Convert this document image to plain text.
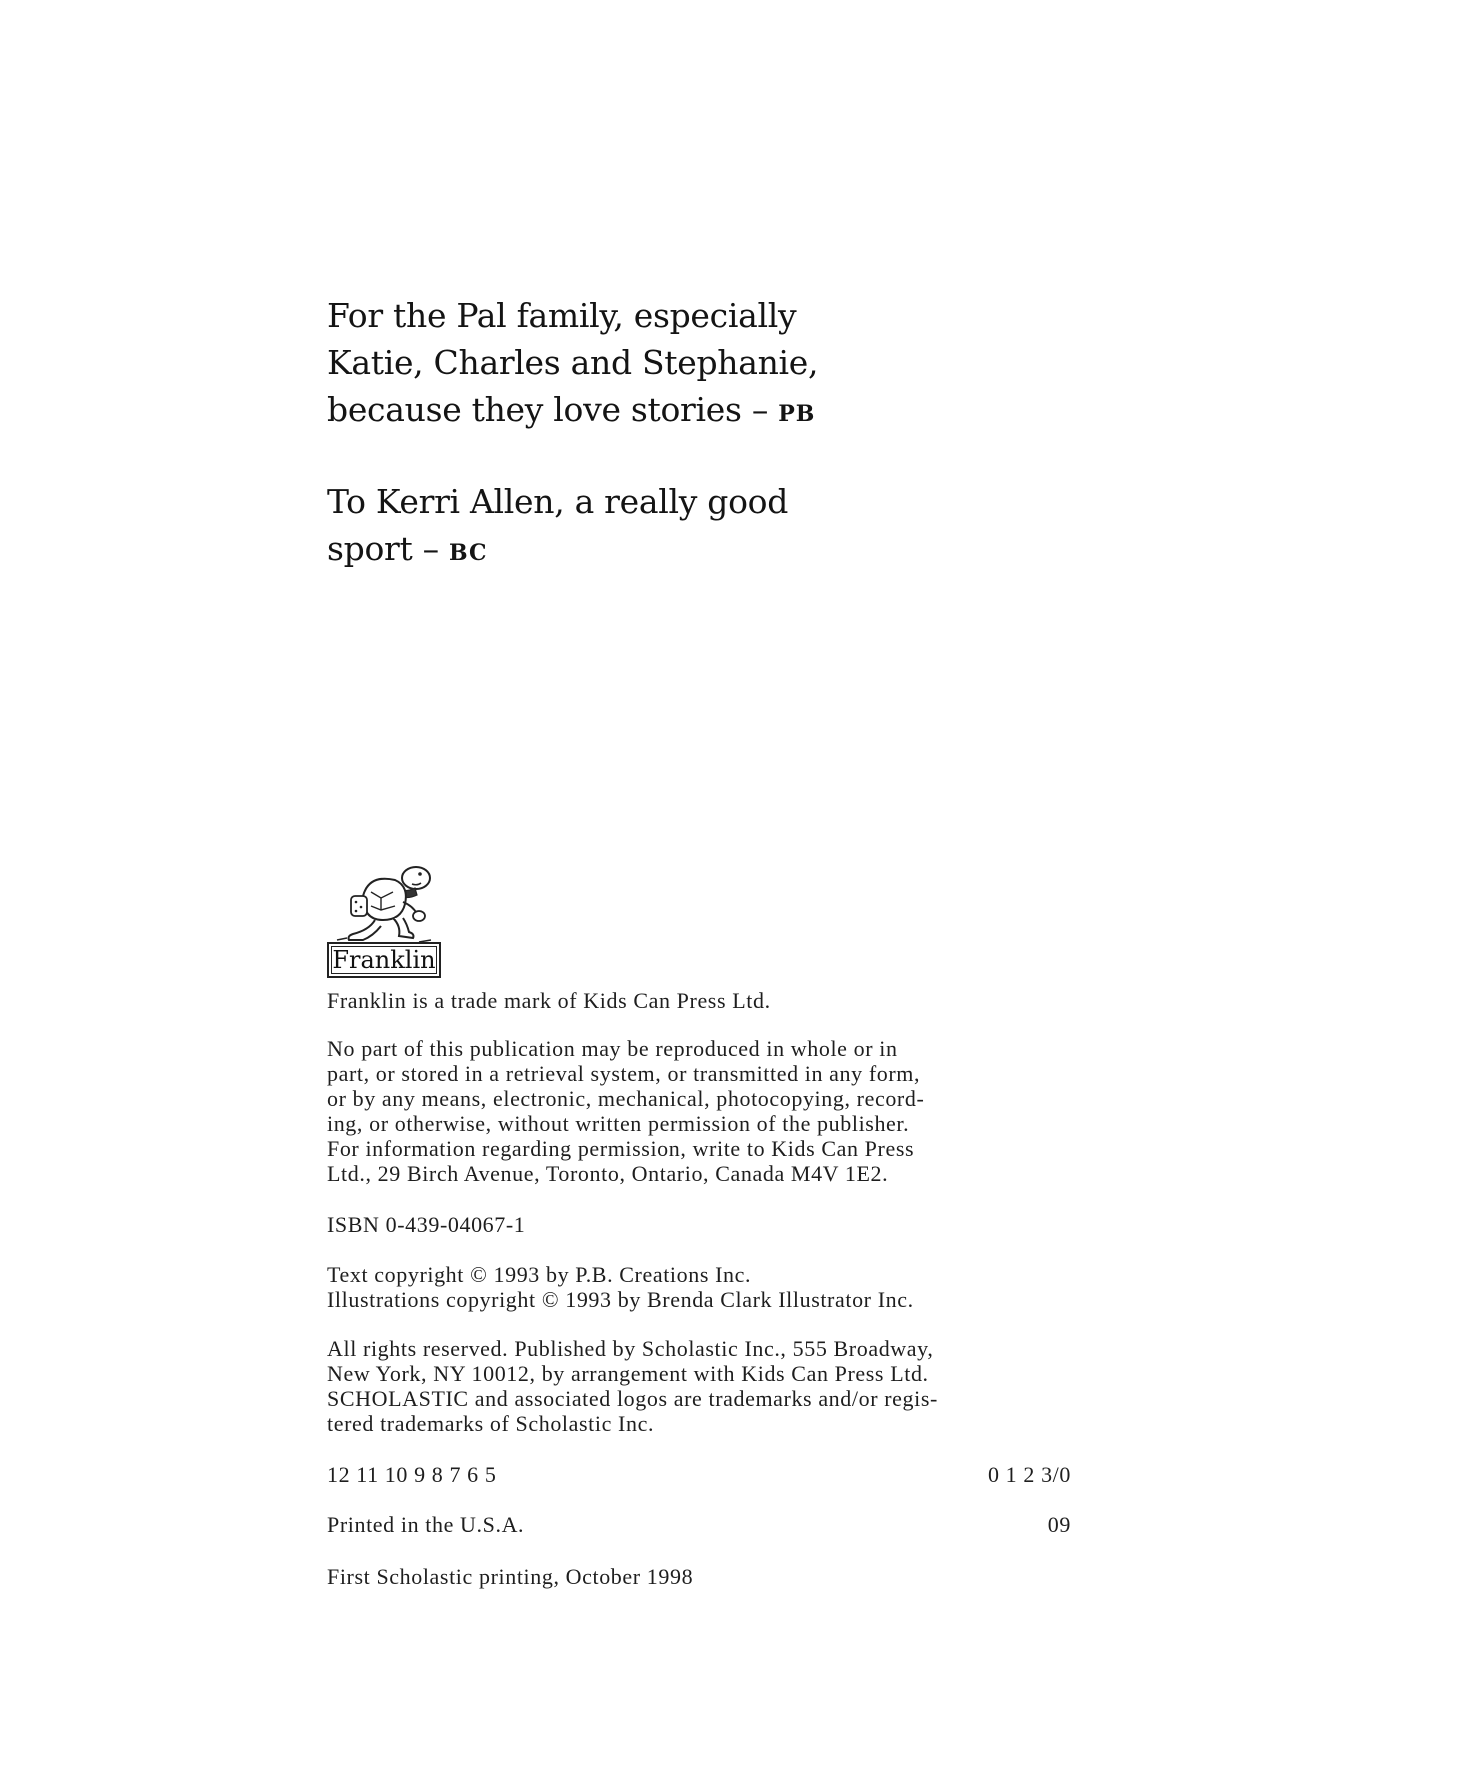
For the Pal family, especially
Katie, Charles and Stephanie,
because they love stories – PB
To Kerri Allen, a really good
sport – BC
Franklin
Franklin is a trade mark of Kids Can Press Ltd.
No part of this publication may be reproduced in whole or in
part, or stored in a retrieval system, or transmitted in any form,
or by any means, electronic, mechanical, photocopying, record-
ing, or otherwise, without written permission of the publisher.
For information regarding permission, write to Kids Can Press
Ltd., 29 Birch Avenue, Toronto, Ontario, Canada M4V 1E2.
ISBN 0-439-04067-1
Text copyright © 1993 by P.B. Creations Inc.
Illustrations copyright © 1993 by Brenda Clark Illustrator Inc.
All rights reserved. Published by Scholastic Inc., 555 Broadway,
New York, NY 10012, by arrangement with Kids Can Press Ltd.
SCHOLASTIC and associated logos are trademarks and/or regis-
tered trademarks of Scholastic Inc.
12 11 10 9 8 7 6 5	0 1 2 3/0
Printed in the U.S.A.	09
First Scholastic printing, October 1998
